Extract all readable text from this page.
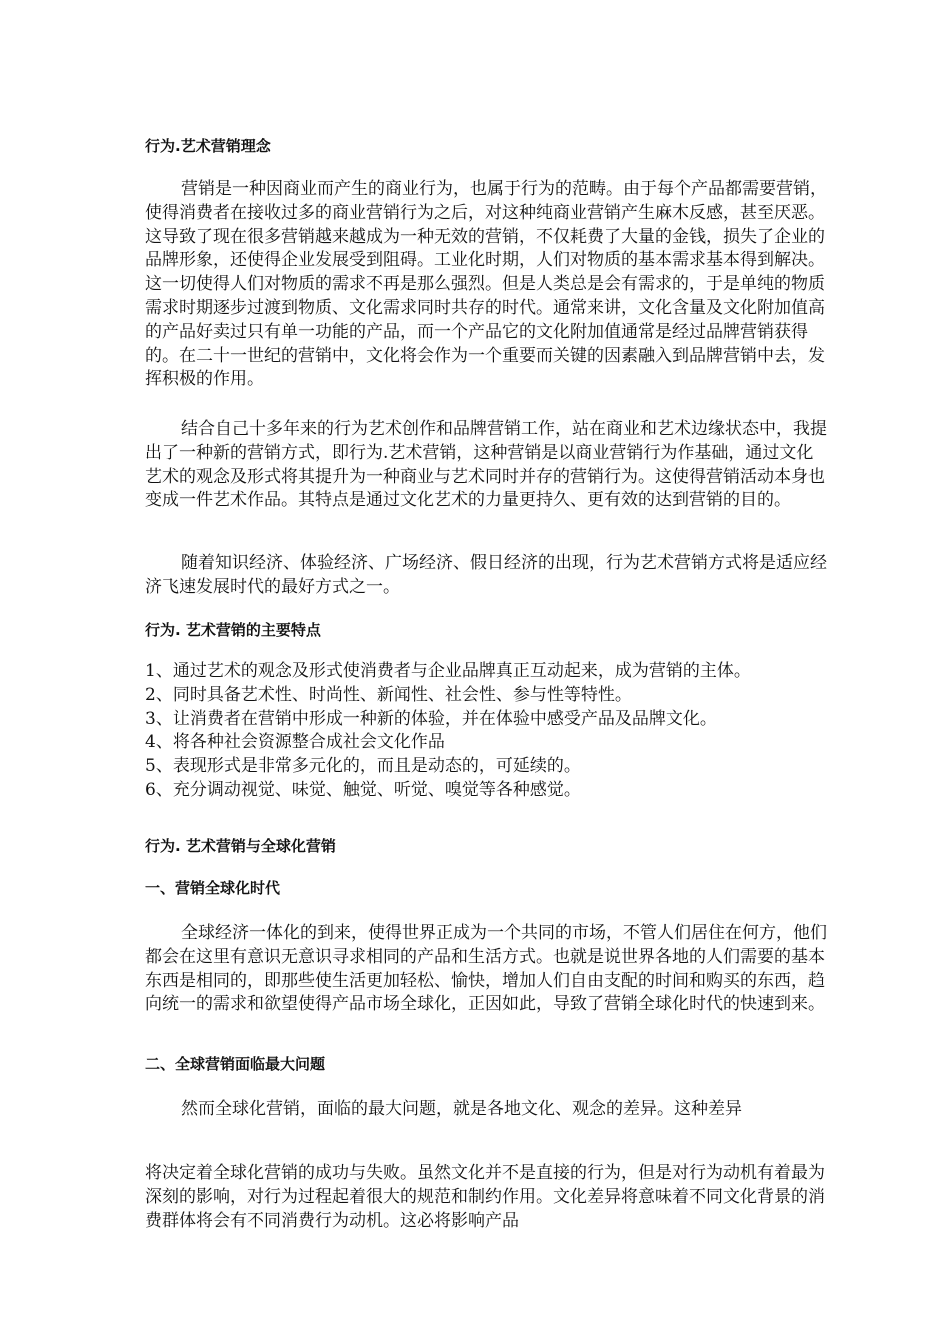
行为.艺术营销理念

营销是一种因商业而产生的商业行为，也属于行为的范畴。由于每个产品都需要营销，使得消费者在接收过多的商业营销行为之后，对这种纯商业营销产生麻木反感，甚至厌恶。这导致了现在很多营销越来越成为一种无效的营销，不仅耗费了大量的金钱，损失了企业的品牌形象，还使得企业发展受到阻碍。工业化时期，人们对物质的基本需求基本得到解决。这一切使得人们对物质的需求不再是那么强烈。但是人类总是会有需求的，于是单纯的物质需求时期逐步过渡到物质、文化需求同时共存的时代。通常来讲，文化含量及文化附加值高的产品好卖过只有单一功能的产品，而一个产品它的文化附加值通常是经过品牌营销获得的。在二十一世纪的营销中，文化将会作为一个重要而关键的因素融入到品牌营销中去，发挥积极的作用。

结合自己十多年来的行为艺术创作和品牌营销工作，站在商业和艺术边缘状态中，我提出了一种新的营销方式，即行为.艺术营销，这种营销是以商业营销行为作基础，通过文化艺术的观念及形式将其提升为一种商业与艺术同时并存的营销行为。这使得营销活动本身也变成一件艺术作品。其特点是通过文化艺术的力量更持久、更有效的达到营销的目的。

随着知识经济、体验经济、广场经济、假日经济的出现，行为艺术营销方式将是适应经济飞速发展时代的最好方式之一。

行为. 艺术营销的主要特点
1、通过艺术的观念及形式使消费者与企业品牌真正互动起来，成为营销的主体。
2、同时具备艺术性、时尚性、新闻性、社会性、参与性等特性。
3、让消费者在营销中形成一种新的体验，并在体验中感受产品及品牌文化。
4、将各种社会资源整合成社会文化作品
5、表现形式是非常多元化的，而且是动态的，可延续的。
6、充分调动视觉、味觉、触觉、听觉、嗅觉等各种感觉。
行为. 艺术营销与全球化营销
一、营销全球化时代

全球经济一体化的到来，使得世界正成为一个共同的市场，不管人们居住在何方，他们都会在这里有意识无意识寻求相同的产品和生活方式。也就是说世界各地的人们需要的基本东西是相同的，即那些使生活更加轻松、愉快，增加人们自由支配的时间和购买的东西，趋向统一的需求和欲望使得产品市场全球化，正因如此，导致了营销全球化时代的快速到来。

二、全球营销面临最大问题

然而全球化营销，面临的最大问题，就是各地文化、观念的差异。这种差异

将决定着全球化营销的成功与失败。虽然文化并不是直接的行为，但是对行为动机有着最为深刻的影响，对行为过程起着很大的规范和制约作用。文化差异将意味着不同文化背景的消费群体将会有不同消费行为动机。这必将影响产品
